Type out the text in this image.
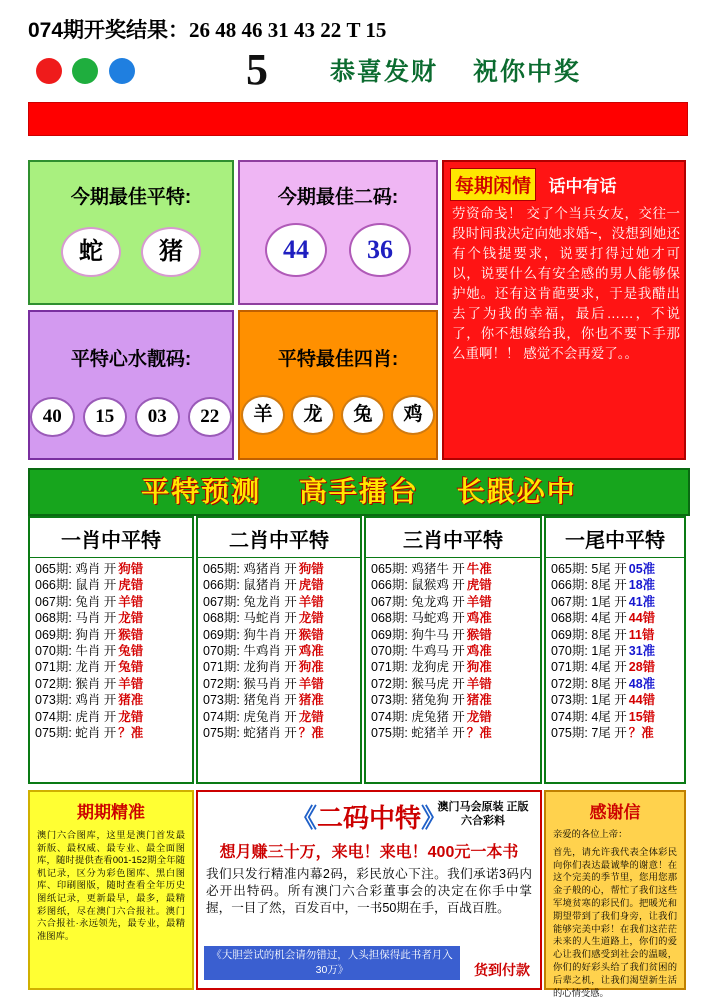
074期开奖结果：26 48 46 31 43 22 T 15

5	恭喜发财 祝你中奖
今期最佳平特:
蛇	猪
今期最佳二码:
44	36
每期闲情 话中有话
劳资命戋！ 交了个当兵女友，交往一段时间我决定向她求婚~，没想到她还有个钱提要求，说要打得过她才可以，说要什么有安全感的男人能够保护她。还有这肯葩要求，于是我醋出去了为我的幸福，最后……，不说了，你不想嫁给我，你也不要下手那么重啊！！ 感觉不会再爱了。。
平特心水靓码:
40	15	03	22
平特最佳四肖:
羊	龙	兔	鸡
平特预测 高手擂台 长跟必中
一肖中平特
065期: 鸡肖 开 狗错
066期: 鼠肖 开 虎错
067期: 兔肖 开 羊错
068期: 马肖 开 龙错
069期: 狗肖 开 猴错
070期: 牛肖 开 兔错
071期: 龙肖 开 兔错
072期: 猴肖 开 羊错
073期: 鸡肖 开 猪准
074期: 虎肖 开 龙错
075期: 蛇肖 开 ？准
二肖中平特
065期: 鸡猪肖 开 狗错
066期: 鼠猪肖 开 虎错
067期: 兔龙肖 开 羊错
068期: 马蛇肖 开 龙错
069期: 狗牛肖 开 猴错
070期: 牛鸡肖 开 鸡准
071期: 龙狗肖 开 狗准
072期: 猴马肖 开 羊错
073期: 猪兔肖 开 猪准
074期: 虎兔肖 开 龙错
075期: 蛇猪肖 开 ？准
三肖中平特
065期: 鸡猪牛 开 牛准
066期: 鼠猴鸡 开 虎错
067期: 兔龙鸡 开 羊错
068期: 马蛇鸡 开 鸡准
069期: 狗牛马 开 猴错
070期: 牛鸡马 开 鸡准
071期: 龙狗虎 开 狗准
072期: 猴马虎 开 羊错
073期: 猪兔狗 开 猪准
074期: 虎兔猪 开 龙错
075期: 蛇猪羊 开 ？准
一尾中平特
065期: 5尾 开 05准
066期: 8尾 开 18准
067期: 1尾 开 41准
068期: 4尾 开 44错
069期: 8尾 开 11错
070期: 1尾 开 31准
071期: 4尾 开 28错
072期: 8尾 开 48准
073期: 1尾 开 44错
074期: 4尾 开 15错
075期: 7尾 开 ？准
期期精准
澳门六合图库，这里是澳门首发最新版、最权威、最专业、最全面图库，随时提供查看001-152期全年随机记录，区分为彩色图库、黑白图库、印刷图版，随时查看全年历史图纸记录，更新最早，最多，最精彩图纸，尽在澳门六合报社。澳门六合报社·永远领先，最专业，最精准图库。
《二码中特》
澳门马会原装 正版六合彩料
想月赚三十万，来电！来电！400元一本书
我们只发行精准内幕2码，彩民放心下注。我们承诺3码内必开出特码。所有澳门六合彩董事会的决定在你手中掌握，一目了然，百发百中，一书50期在手，百战百胜。
《大胆尝试的机会请勿错过，人头担保得此书者月入30万》	货到付款
感谢信
亲爱的各位上帝：
首先，请允许我代表全体彩民向你们表达最诚挚的谢意！在这个完美的季节里，您用您那金子般的心，帮忙了我们这些军境贫寒的彩民们。把暖光和期望带到了我们身旁，让我们能够完美中彩！在我们这茫茫未来的人生道路上，你们的爱心让我们感受到社会的温暖，你们的好彩头给了我们贫困的后辈之机，让我们渴望新生活的心情受感。
